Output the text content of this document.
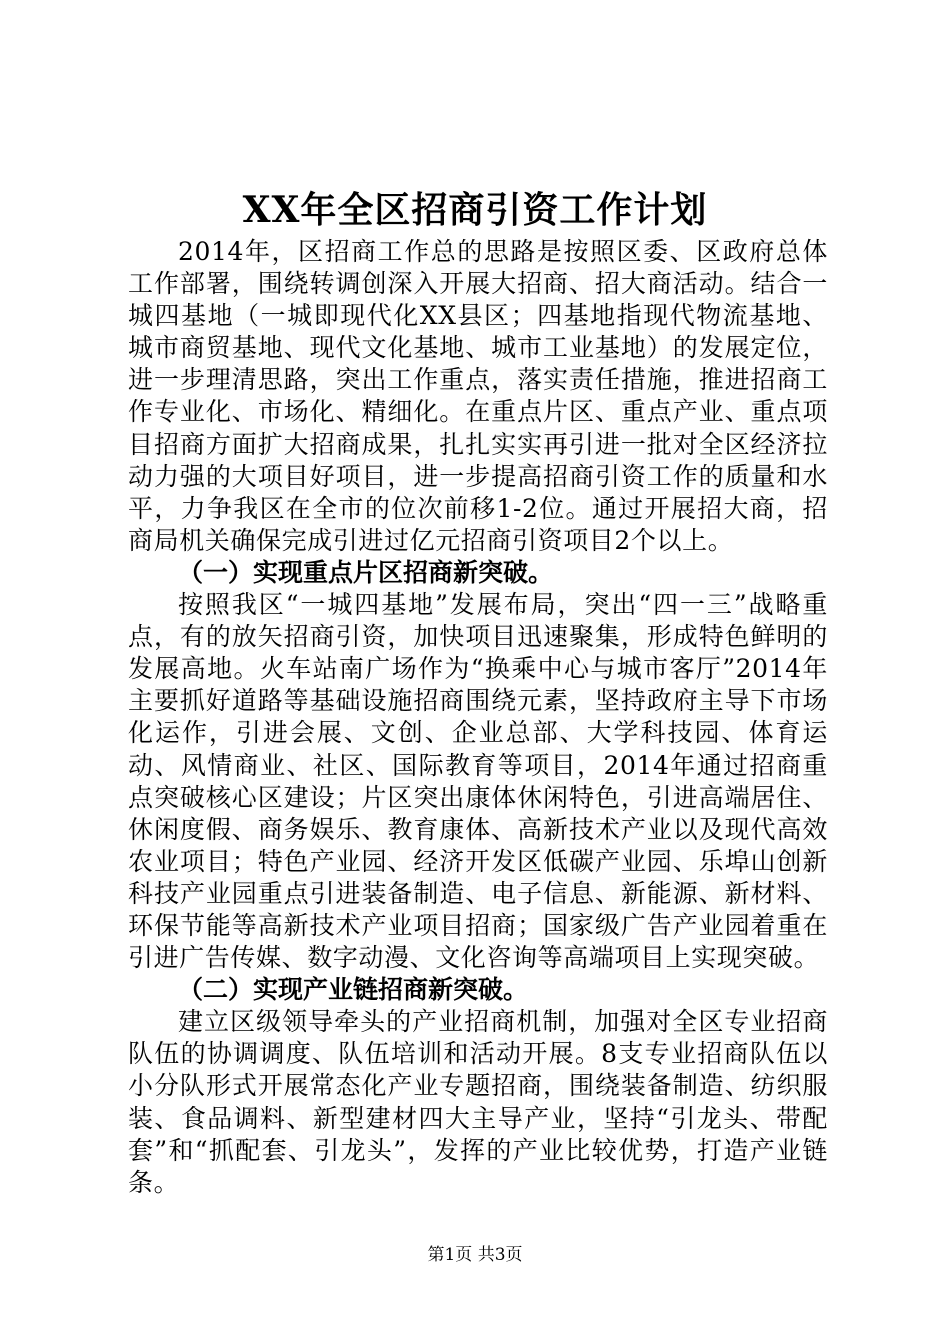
XX年全区招商引资工作计划

2014年，区招商工作总的思路是按照区委、区政府总体工作部署，围绕转调创深入开展大招商、招大商活动。结合一城四基地（一城即现代化XX县区；四基地指现代物流基地、城市商贸基地、现代文化基地、城市工业基地）的发展定位，进一步理清思路，突出工作重点，落实责任措施，推进招商工作专业化、市场化、精细化。在重点片区、重点产业、重点项目招商方面扩大招商成果，扎扎实实再引进一批对全区经济拉动力强的大项目好项目，进一步提高招商引资工作的质量和水平，力争我区在全市的位次前移1-2位。通过开展招大商，招商局机关确保完成引进过亿元招商引资项目2个以上。

（一）实现重点片区招商新突破。

按照我区“一城四基地”发展布局，突出“四一三”战略重点，有的放矢招商引资，加快项目迅速聚集，形成特色鲜明的发展高地。火车站南广场作为“换乘中心与城市客厅”2014年主要抓好道路等基础设施招商围绕元素，坚持政府主导下市场化运作，引进会展、文创、企业总部、大学科技园、体育运动、风情商业、社区、国际教育等项目，2014年通过招商重点突破核心区建设；片区突出康体休闲特色，引进高端居住、休闲度假、商务娱乐、教育康体、高新技术产业以及现代高效农业项目；特色产业园、经济开发区低碳产业园、乐埠山创新科技产业园重点引进装备制造、电子信息、新能源、新材料、环保节能等高新技术产业项目招商；国家级广告产业园着重在引进广告传媒、数字动漫、文化咨询等高端项目上实现突破。

（二）实现产业链招商新突破。

建立区级领导牵头的产业招商机制，加强对全区专业招商队伍的协调调度、队伍培训和活动开展。8支专业招商队伍以小分队形式开展常态化产业专题招商，围绕装备制造、纺织服装、食品调料、新型建材四大主导产业，坚持“引龙头、带配套”和“抓配套、引龙头”，发挥的产业比较优势，打造产业链条。

第1页 共3页
